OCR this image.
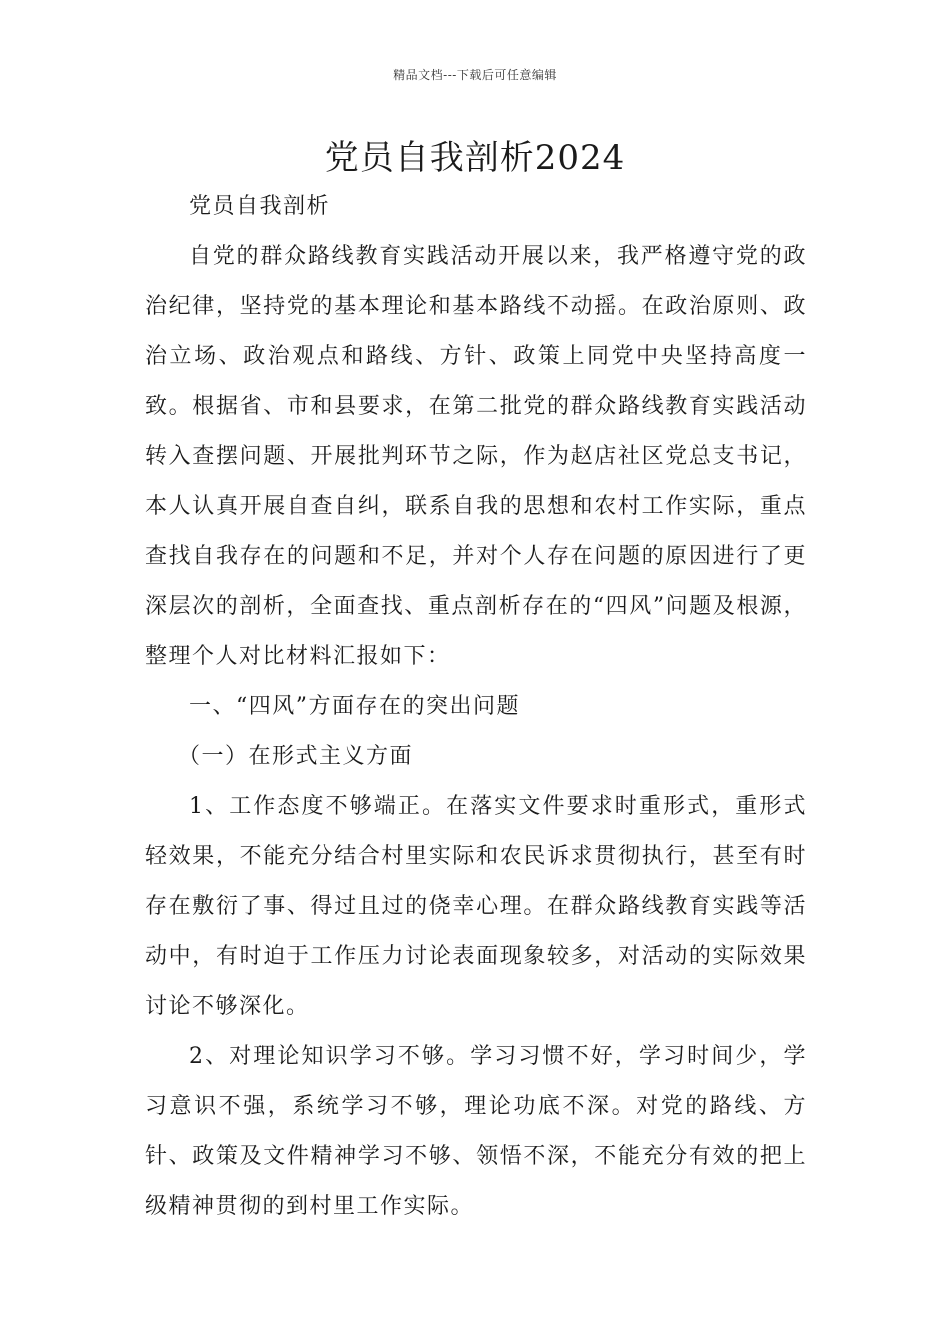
精品文档---下载后可任意编辑
党员自我剖析2024

党员自我剖析

自党的群众路线教育实践活动开展以来，我严格遵守党的政治纪律，坚持党的基本理论和基本路线不动摇。在政治原则、政治立场、政治观点和路线、方针、政策上同党中央坚持高度一致。根据省、市和县要求，在第二批党的群众路线教育实践活动转入查摆问题、开展批判环节之际，作为赵店社区党总支书记，本人认真开展自查自纠，联系自我的思想和农村工作实际，重点查找自我存在的问题和不足，并对个人存在问题的原因进行了更深层次的剖析，全面查找、重点剖析存在的“四风”问题及根源，整理个人对比材料汇报如下：

一、“四风”方面存在的突出问题

（一）在形式主义方面

1、工作态度不够端正。在落实文件要求时重形式，重形式轻效果，不能充分结合村里实际和农民诉求贯彻执行，甚至有时存在敷衍了事、得过且过的侥幸心理。在群众路线教育实践等活动中，有时迫于工作压力讨论表面现象较多，对活动的实际效果讨论不够深化。

2、对理论知识学习不够。学习习惯不好，学习时间少，学习意识不强，系统学习不够，理论功底不深。对党的路线、方针、政策及文件精神学习不够、领悟不深，不能充分有效的把上级精神贯彻的到村里工作实际。
